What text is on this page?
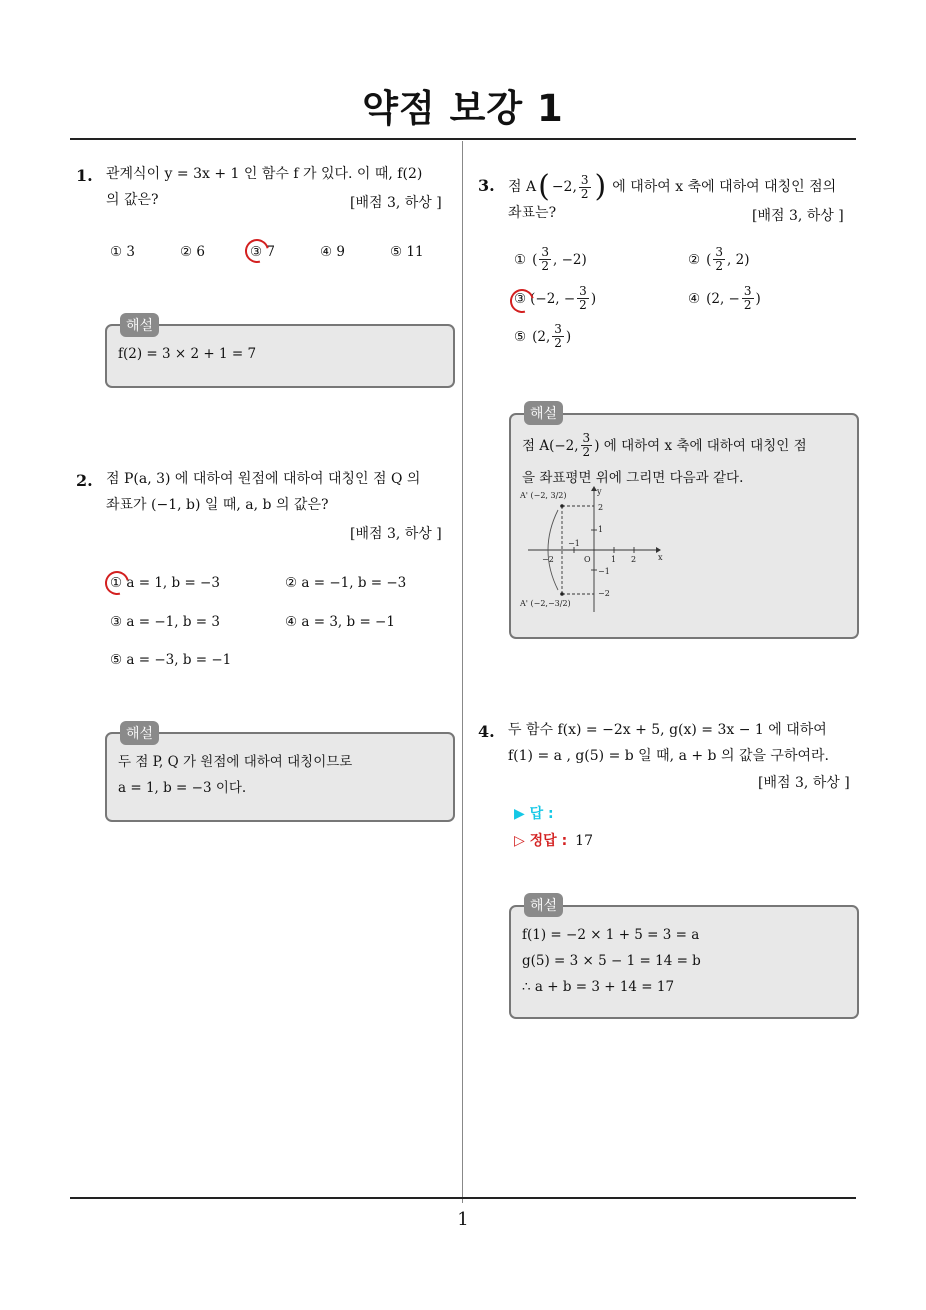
약점 보강 1
1. 관계식이 y = 3x + 1 인 함수 f 가 있다. 이 때, f(2)
의 값은?	[배점 3, 하상 ]
① 3	② 6	③ 7	④ 9	⑤ 11
해설
f(2) = 3 × 2 + 1 = 7
2. 점 P(a, 3) 에 대하여 원점에 대하여 대칭인 점 Q 의
좌표가 (−1, b) 일 때, a, b 의 값은?
[배점 3, 하상 ]
① a = 1, b = −3	② a = −1, b = −3
③ a = −1, b = 3	④ a = 3, b = −1
⑤ a = −3, b = −1
해설
두 점 P, Q 가 원점에 대하여 대칭이므로
a = 1, b = −3 이다.
3. 점 A ( −2, $\frac{3}{2}$ ) 에 대하여 x 축에 대하여 대칭인 점의
좌표는?	[배점 3, 하상 ]
① ( $\frac{3}{2}$ , −2)	② ( $\frac{3}{2}$ , 2)
③ (−2, − $\frac{3}{2}$ )	④ (2, − $\frac{3}{2}$ )
⑤ (2, $\frac{3}{2}$ )
해설
점 A(−2, $\frac{3}{2}$ ) 에 대하여 x 축에 대하여 대칭인 점
을 좌표평면 위에 그리면 다음과 같다.
A' (−2, 3/2)
A' (−2,−3/2)
x
y
O
2
1
−1
−2
1 2
−1
−2
4. 두 함수 f(x) = −2x + 5, g(x) = 3x − 1 에 대하여
f(1) = a , g(5) = b 일 때, a + b 의 값을 구하여라.
[배점 3, 하상 ]
▶ 답 :
▷ 정답 : 17
해설
f(1) = −2 × 1 + 5 = 3 = a
g(5) = 3 × 5 − 1 = 14 = b
∴ a + b = 3 + 14 = 17
1
